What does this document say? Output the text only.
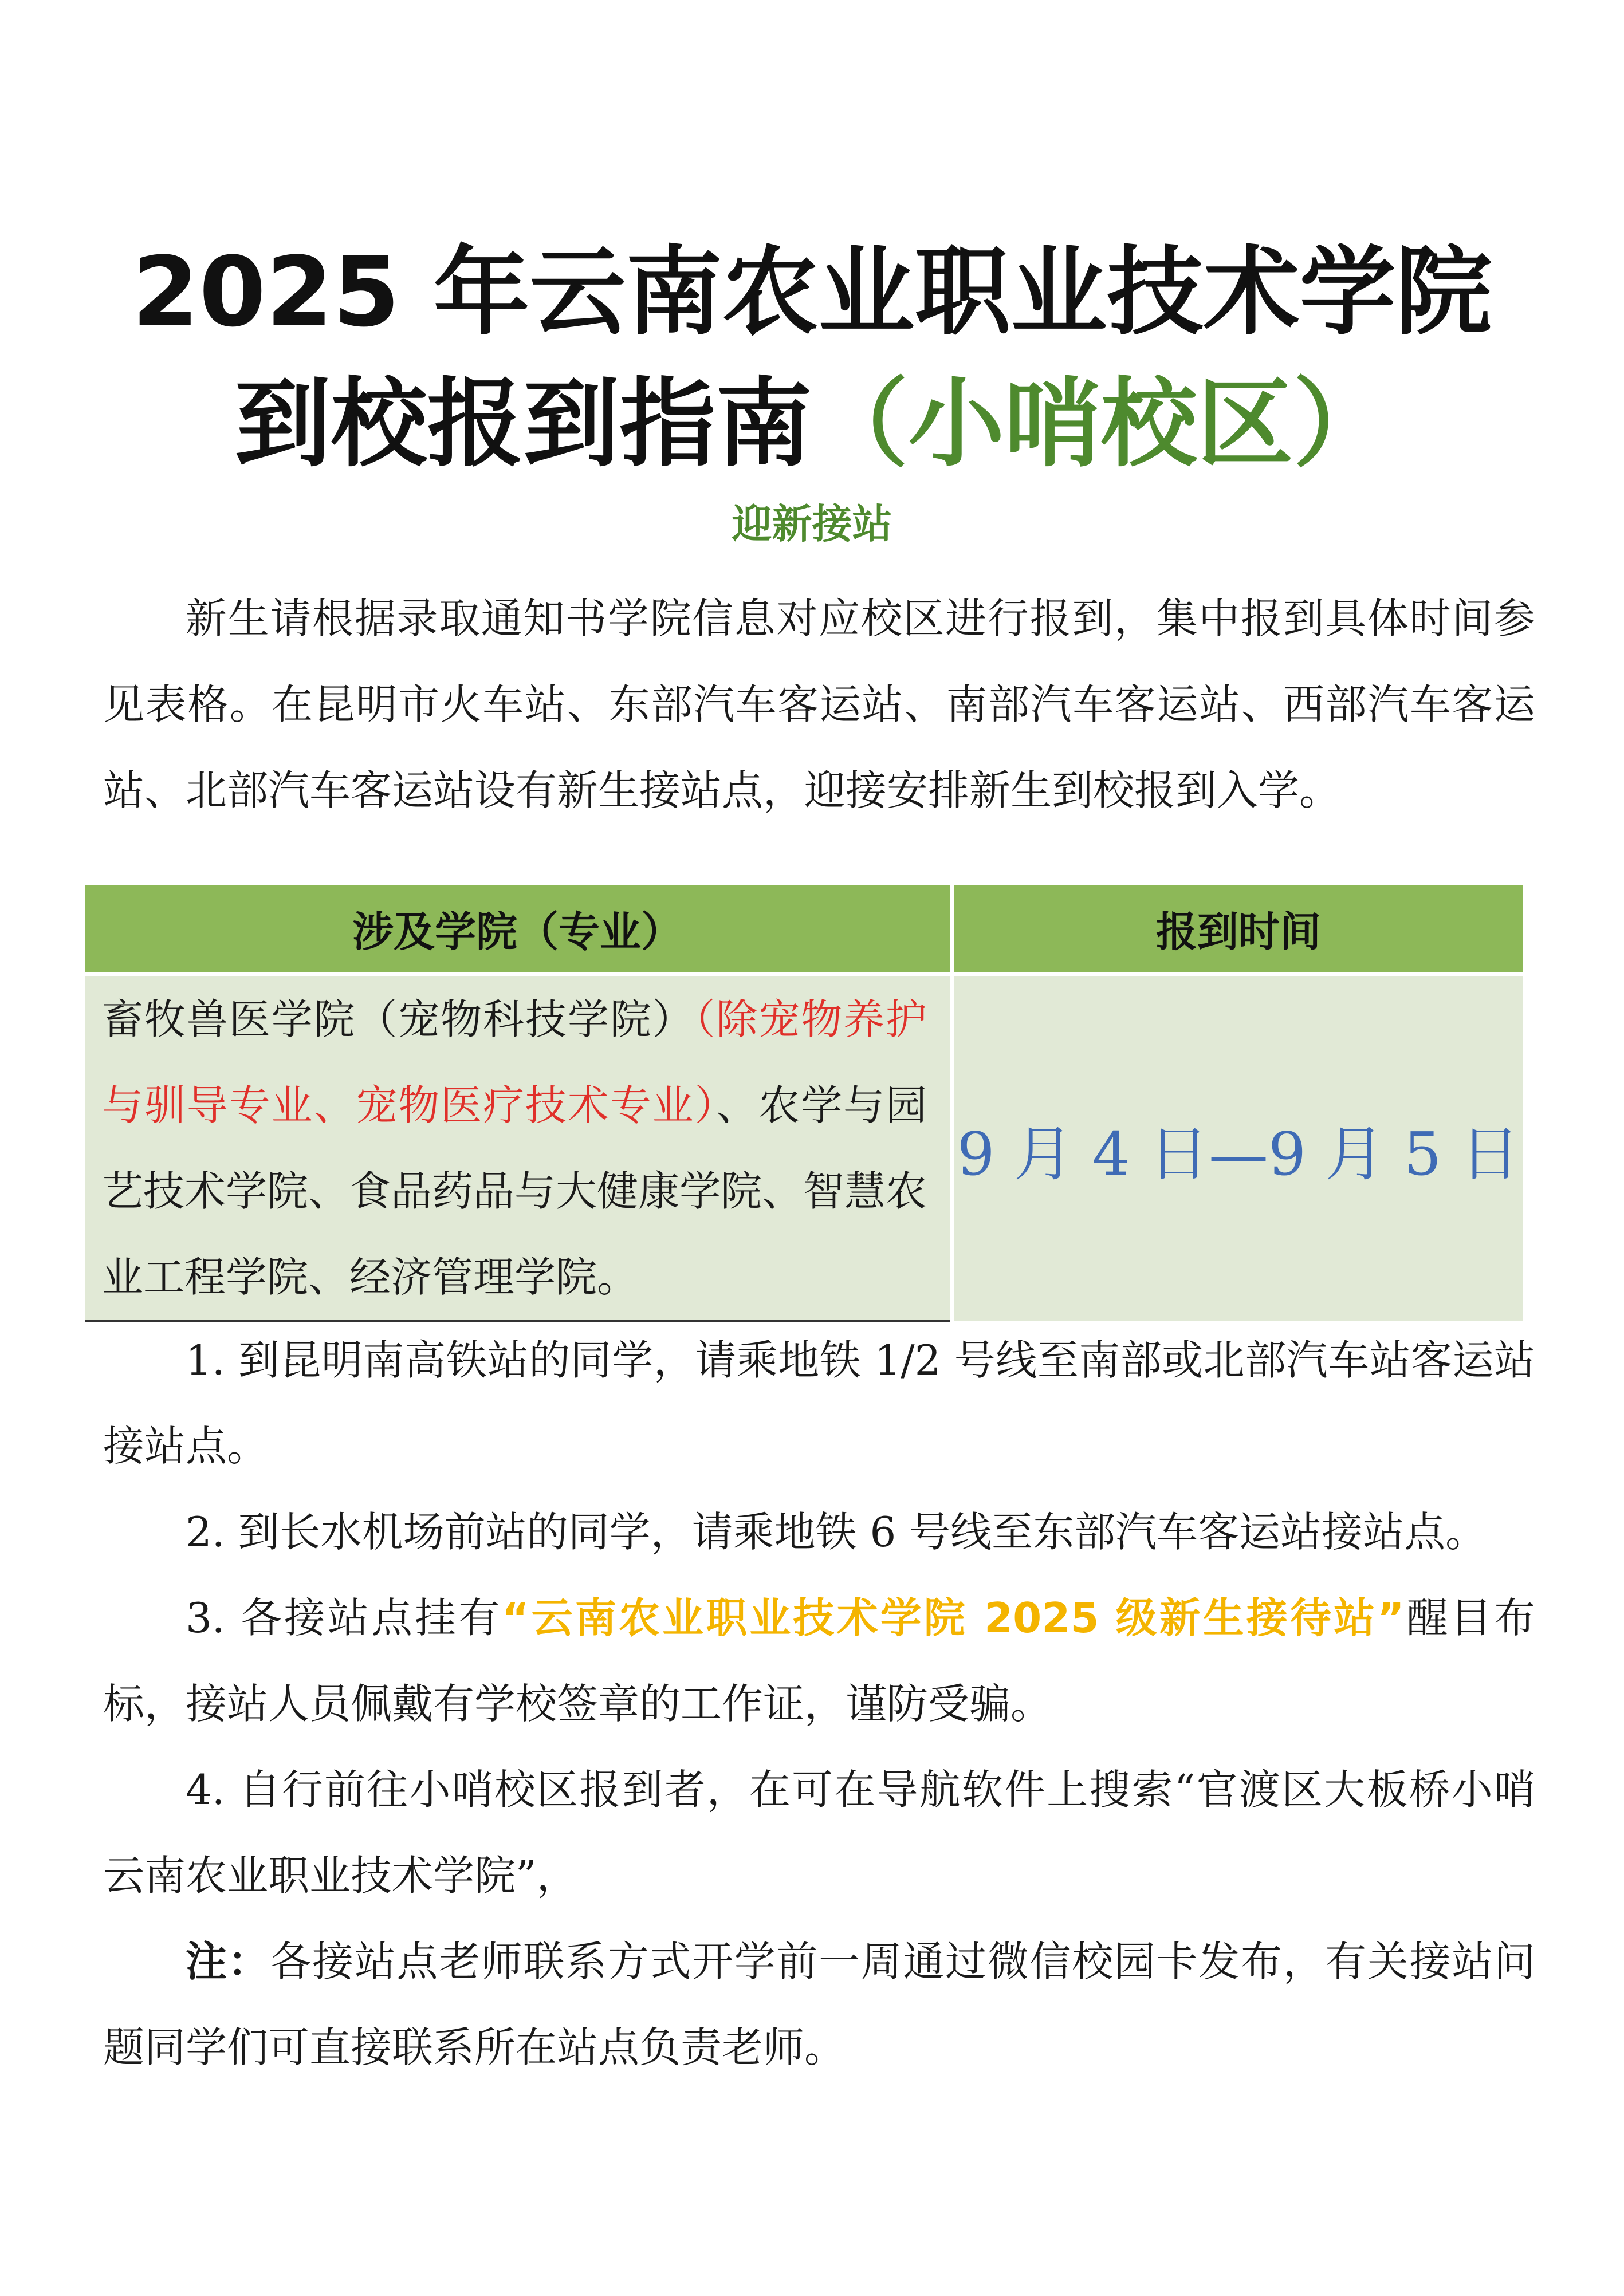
2025 年云南农业职业技术学院
到校报到指南（小哨校区）
迎新接站
新生请根据录取通知书学院信息对应校区进行报到，集中报到具体时间参见表格。在昆明市火车站、东部汽车客运站、南部汽车客运站、西部汽车客运站、北部汽车客运站设有新生接站点，迎接安排新生到校报到入学。
涉及学院（专业）	报到时间

畜牧兽医学院（宠物科技学院）（除宠物养护与驯导专业、宠物医疗技术专业）、农学与园艺技术学院、食品药品与大健康学院、智慧农业工程学院、经济管理学院。	9 月 4 日—9 月 5 日
1. 到昆明南高铁站的同学，请乘地铁 1/2 号线至南部或北部汽车站客运站接站点。
2. 到长水机场前站的同学，请乘地铁 6 号线至东部汽车客运站接站点。
3. 各接站点挂有“云南农业职业技术学院 2025 级新生接待站”醒目布标，接站人员佩戴有学校签章的工作证，谨防受骗。
4. 自行前往小哨校区报到者，在可在导航软件上搜索“官渡区大板桥小哨云南农业职业技术学院”，
注：各接站点老师联系方式开学前一周通过微信校园卡发布，有关接站问题同学们可直接联系所在站点负责老师。
